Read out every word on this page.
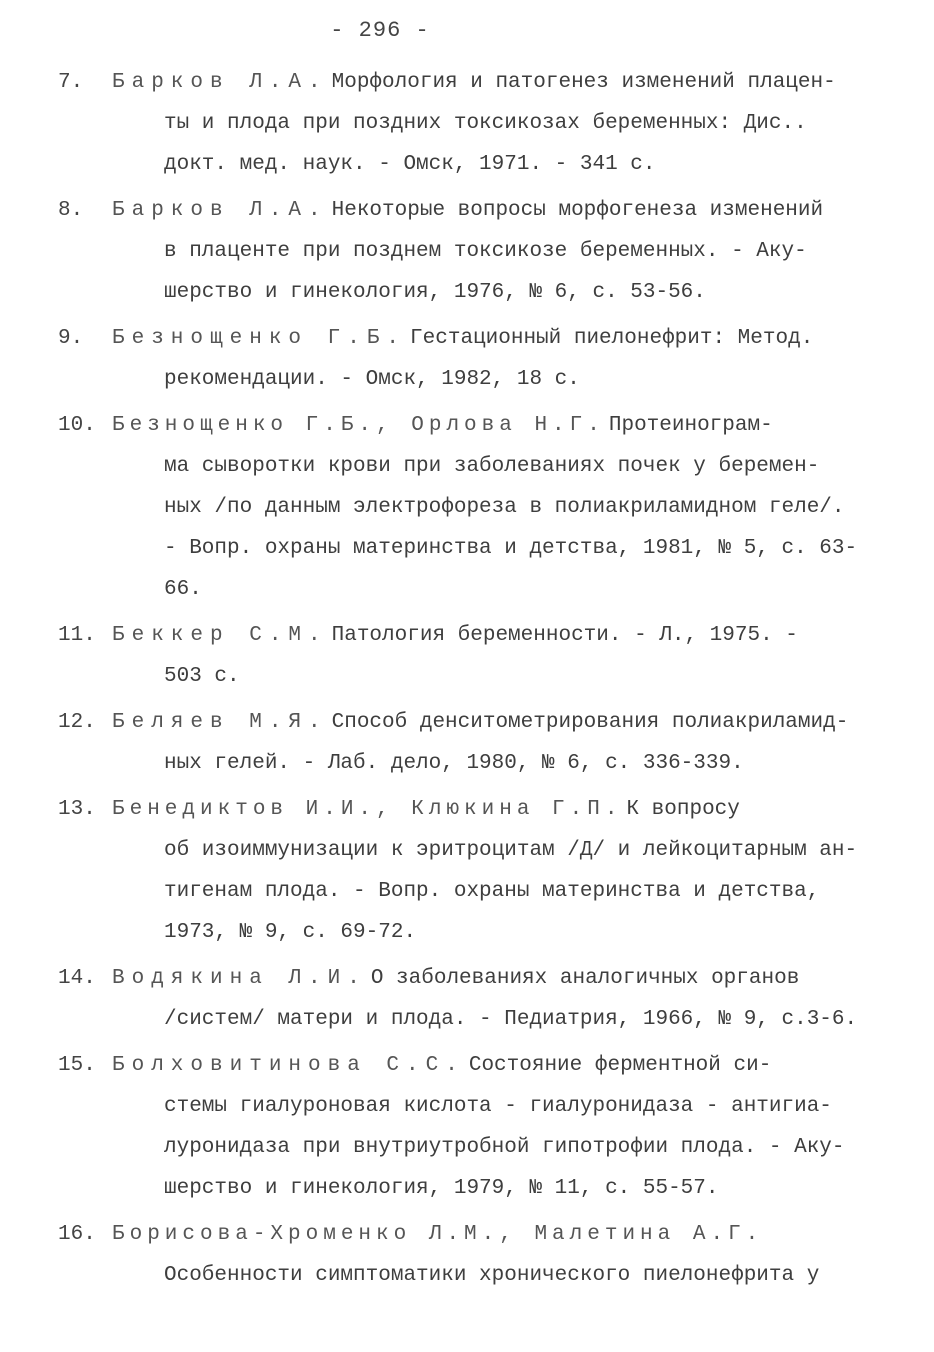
- 296 -
7. Барков Л.А. Морфология и патогенез изменений плацен-
ты и плода при поздних токсикозах беременных: Дис..
докт. мед. наук. - Омск, 1971. - 341 с.
8. Барков Л.А. Некоторые вопросы морфогенеза изменений
в плаценте при позднем токсикозе беременных. - Аку-
шерство и гинекология, 1976, № 6, с. 53-56.
9. Безнощенко Г.Б. Гестационный пиелонефрит: Метод.
рекомендации. - Омск, 1982, 18 с.
10. Безнощенко Г.Б., Орлова Н.Г. Протеинограм-
ма сыворотки крови при заболеваниях почек у беремен-
ных /по данным электрофореза в полиакриламидном геле/.
- Вопр. охраны материнства и детства, 1981, № 5, с. 63-
66.
11. Беккер С.М. Патология беременности. - Л., 1975. -
503 с.
12. Беляев М.Я. Способ денситометрирования полиакриламид-
ных гелей. - Лаб. дело, 1980, № 6, с. 336-339.
13. Бенедиктов И.И., Клюкина Г.П. К вопросу
об изоиммунизации к эритроцитам /Д/ и лейкоцитарным ан-
тигенам плода. - Вопр. охраны материнства и детства,
1973, № 9, с. 69-72.
14. Водякина Л.И. О заболеваниях аналогичных органов
/систем/ матери и плода. - Педиатрия, 1966, № 9, с.3-6.
15. Болховитинова С.С. Состояние ферментной си-
стемы гиалуроновая кислота - гиалуронидаза - антигиа-
луронидаза при внутриутробной гипотрофии плода. - Аку-
шерство и гинекология, 1979, № 11, с. 55-57.
16. Борисова-Хроменко Л.М., Малетина А.Г.
Особенности симптоматики хронического пиелонефрита у
